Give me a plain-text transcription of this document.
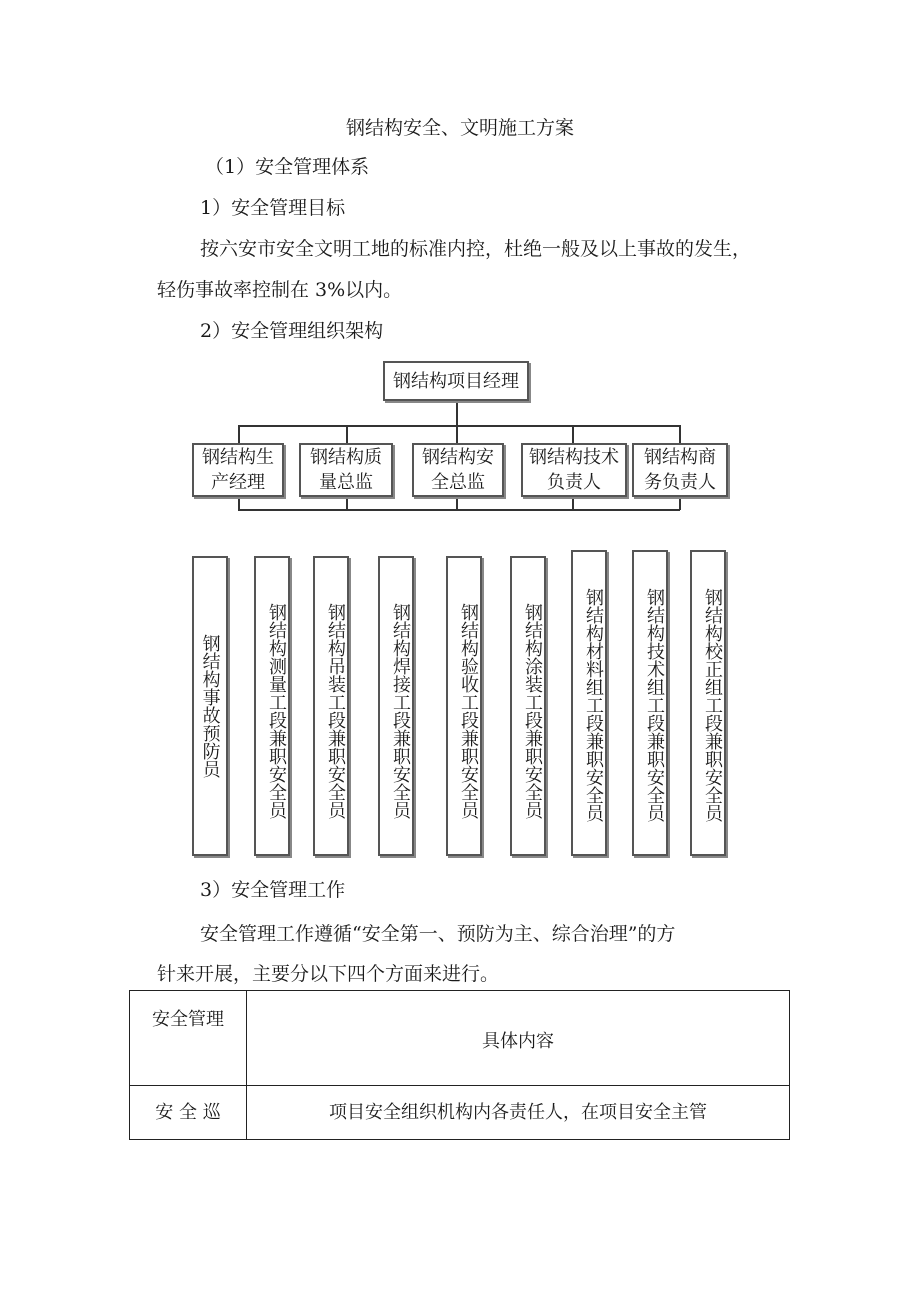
钢结构安全、文明施工方案
（1）安全管理体系
1）安全管理目标
按六安市安全文明工地的标准内控，杜绝一般及以上事故的发生，
轻伤事故率控制在 3%以内。
2）安全管理组织架构
钢结构项目经理
钢结构生
产经理
钢结构质
量总监
钢结构安
全总监
钢结构技术
负责人
钢结构商
务负责人
钢结构事故预防员	钢结构测量工段兼职安全员	钢结构吊装工段兼职安全员	钢结构焊接工段兼职安全员	钢结构验收工段兼职安全员	钢结构涂装工段兼职安全员	钢结构材料组工段兼职安全员	钢结构技术组工段兼职安全员	钢结构校正组工段兼职安全员
3）安全管理工作
安全管理工作遵循“安全第一、预防为主、综合治理”的方
针来开展，主要分以下四个方面来进行。
安全管理	具体内容
安 全 巡	项目安全组织机构内各责任人，在项目安全主管
